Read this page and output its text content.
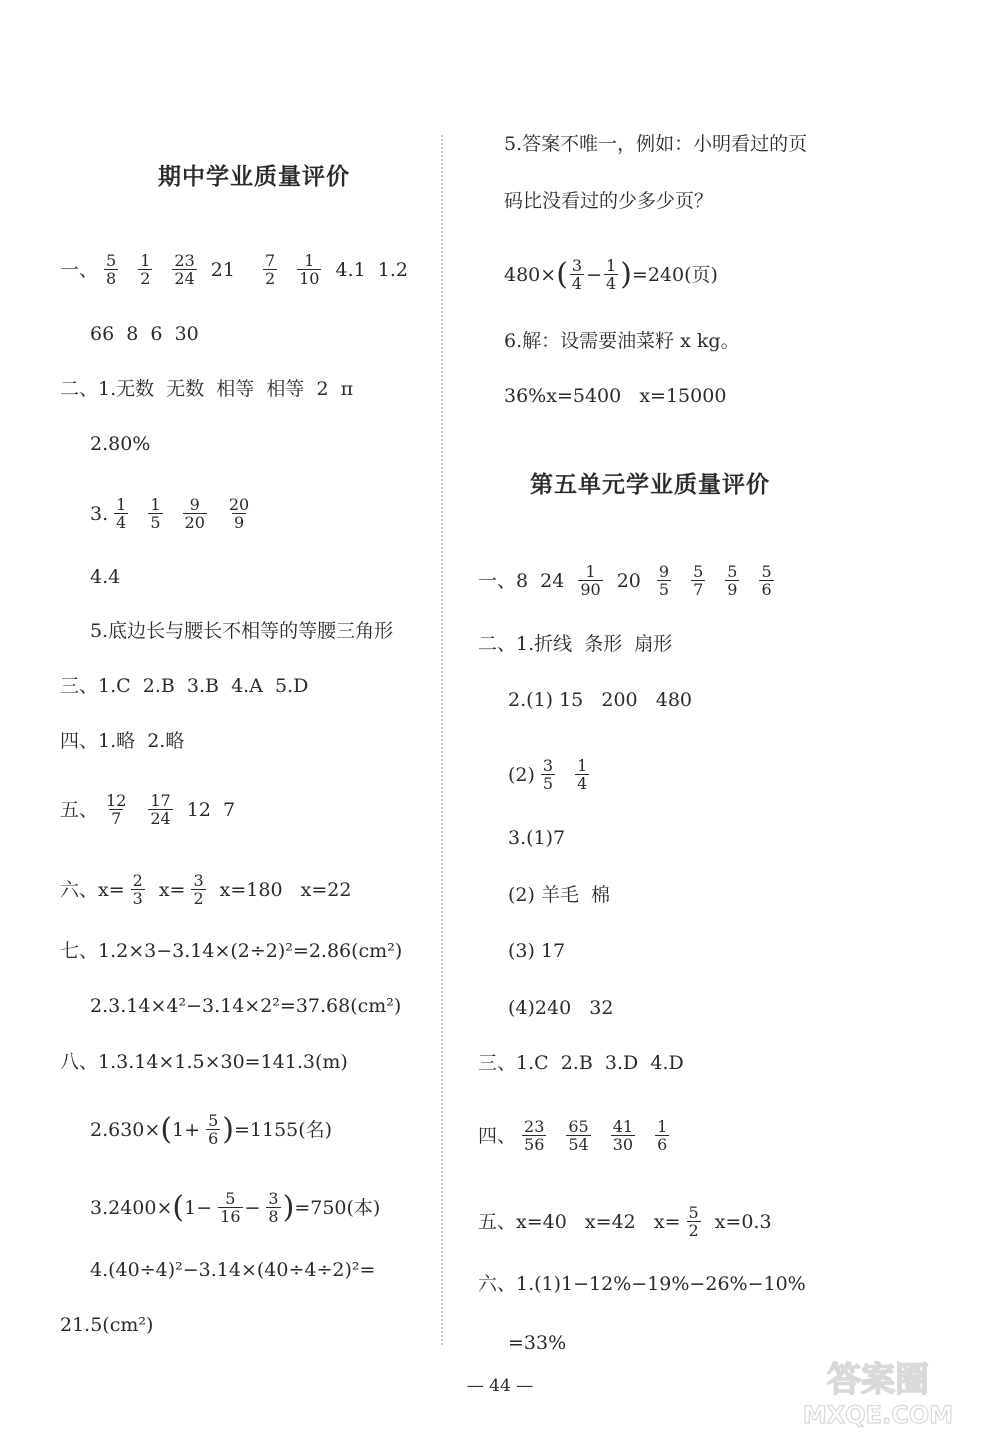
期中学业质量评价
一、 $\frac{5}{8} \frac{1}{2} \frac{23}{24} 21 \frac{7}{2} \frac{1}{10} 4.1$  1.2
66  8  6  30
二、1.无数  无数  相等  相等  2  π
2.80%
3. $\frac{1}{4} \frac{1}{5} \frac{9}{20} \frac{20}{9}$
4.4
5.底边长与腰长不相等的等腰三角形
三、1.C  2.B  3.B  4.A  5.D
四、1.略  2.略
五、 $\frac{12}{7} \frac{17}{24} 12$  7
六、$x= \frac{2}{3} x= \frac{3}{2} x=180$   x=22
七、1.2×3−3.14×(2÷2)²=2.86(cm²)
2.3.14×4²−3.14×2²=37.68(cm²)
八、1.3.14×1.5×30=141.3(m)
2.630× ( $1+ \frac{5}{6}$ ) =1155(名)
3.2400× ( $1- \frac{5}{16} - \frac{3}{8}$ ) =750(本)
4.(40÷4)²−3.14×(40÷4÷2)²=
21.5(cm²)
5.答案不唯一，例如：小明看过的页
码比没看过的少多少页？
480× ( $\frac{3}{4} - \frac{1}{4}$ ) =240(页)
6.解：设需要油菜籽 x kg。
36%x=5400   x=15000
第五单元学业质量评价
一、8  $24 \frac{1}{90} 20 \frac{9}{5} \frac{5}{7} \frac{5}{9} \frac{5}{6}$
二、1.折线  条形  扇形
2.(1) 15   200   480
$(2) \frac{3}{5} \frac{1}{4}$
3.(1)7
(2) 羊毛  棉
(3) 17
(4)240   32
三、1.C  2.B  3.D  4.D
四、 $\frac{23}{56} \frac{65}{54} \frac{41}{30} \frac{1}{6}$
五、x=40   x=42   $x= \frac{5}{2} x=0.3$
六、1.(1)1−12%−19%−26%−10%
=33%
— 44 —	答案圈
MXQE.COM
